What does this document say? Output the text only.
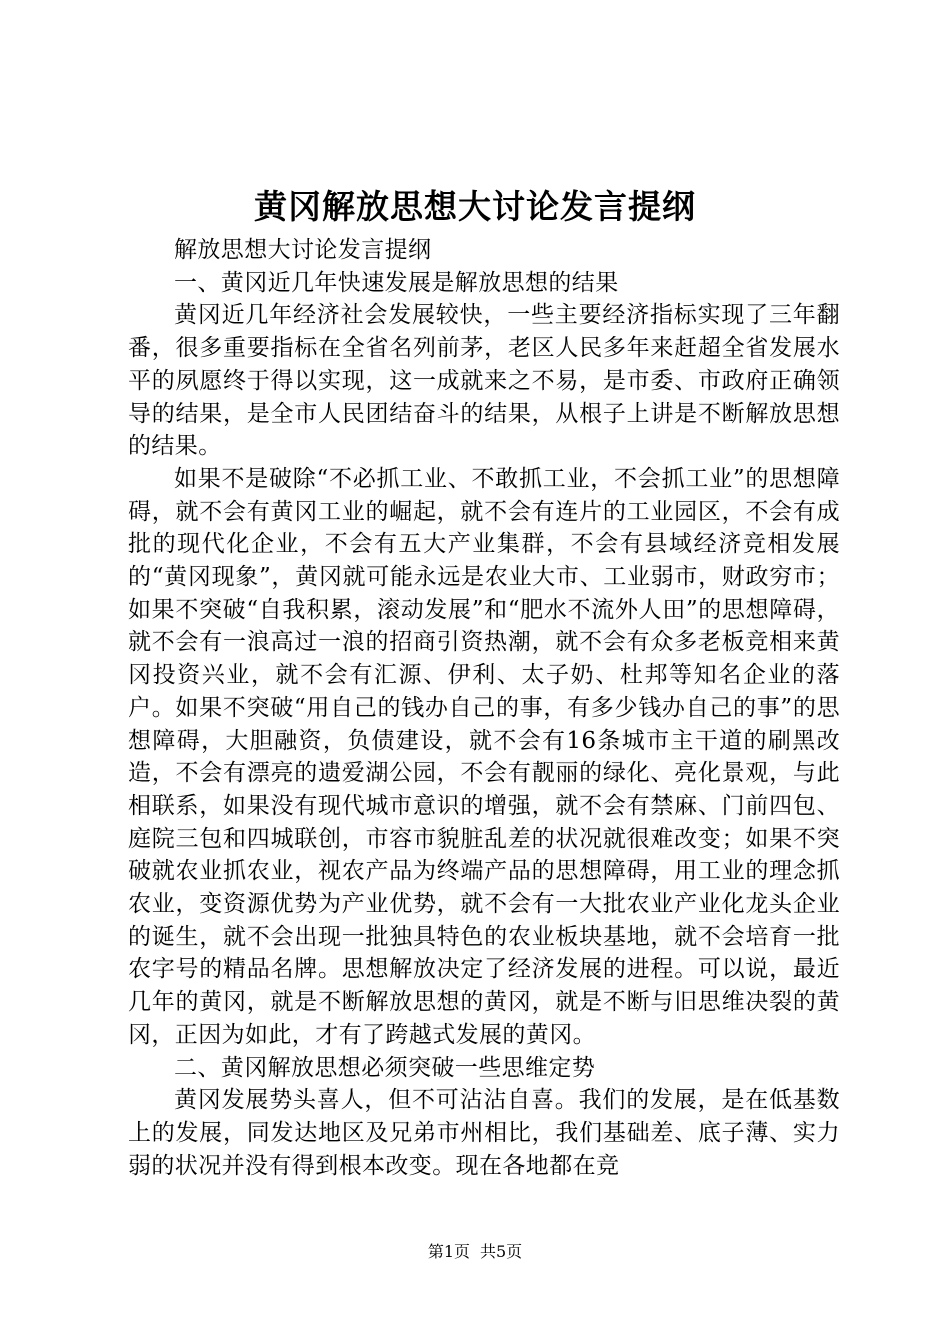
黄冈解放思想大讨论发言提纲

解放思想大讨论发言提纲

一、黄冈近几年快速发展是解放思想的结果

黄冈近几年经济社会发展较快，一些主要经济指标实现了三年翻番，很多重要指标在全省名列前茅，老区人民多年来赶超全省发展水平的夙愿终于得以实现，这一成就来之不易，是市委、市政府正确领导的结果，是全市人民团结奋斗的结果，从根子上讲是不断解放思想的结果。

如果不是破除“不必抓工业、不敢抓工业，不会抓工业”的思想障碍，就不会有黄冈工业的崛起，就不会有连片的工业园区，不会有成批的现代化企业，不会有五大产业集群，不会有县域经济竞相发展的“黄冈现象”，黄冈就可能永远是农业大市、工业弱市，财政穷市；如果不突破“自我积累，滚动发展”和“肥水不流外人田”的思想障碍，就不会有一浪高过一浪的招商引资热潮，就不会有众多老板竞相来黄冈投资兴业，就不会有汇源、伊利、太子奶、杜邦等知名企业的落户。如果不突破“用自己的钱办自己的事，有多少钱办自己的事”的思想障碍，大胆融资，负债建设，就不会有16条城市主干道的刷黑改造，不会有漂亮的遗爱湖公园，不会有靓丽的绿化、亮化景观，与此相联系，如果没有现代城市意识的增强，就不会有禁麻、门前四包、庭院三包和四城联创，市容市貌脏乱差的状况就很难改变；如果不突破就农业抓农业，视农产品为终端产品的思想障碍，用工业的理念抓农业，变资源优势为产业优势，就不会有一大批农业产业化龙头企业的诞生，就不会出现一批独具特色的农业板块基地，就不会培育一批农字号的精品名牌。思想解放决定了经济发展的进程。可以说，最近几年的黄冈，就是不断解放思想的黄冈，就是不断与旧思维决裂的黄冈，正因为如此，才有了跨越式发展的黄冈。

二、黄冈解放思想必须突破一些思维定势

黄冈发展势头喜人，但不可沾沾自喜。我们的发展，是在低基数上的发展，同发达地区及兄弟市州相比，我们基础差、底子薄、实力弱的状况并没有得到根本改变。现在各地都在竞

第1页 共5页
